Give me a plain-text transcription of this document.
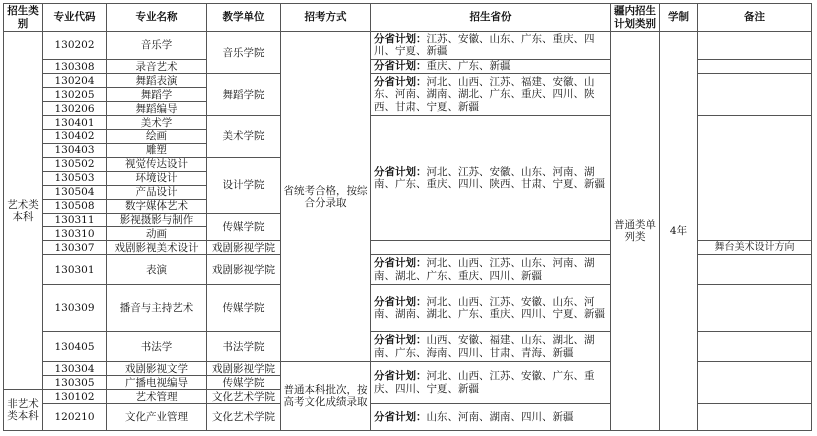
招生类别	专业代码	专业名称	教学单位	招考方式	招生省份	疆内招生计划类别	学制	备注
艺术类本科	130202	音乐学	音乐学院	省统考合格，按综合分录取	分省计划：江苏、安徽、山东、广东、重庆、四川、宁夏、新疆	普通类单列类	4年	
	130308	录音艺术			分省计划：重庆、广东、新疆			
	130204	舞蹈表演	舞蹈学院		分省计划：河北、山西、江苏、福建、安徽、山东、河南、湖南、湖北、广东、重庆、四川、陕西、甘肃、宁夏、新疆			
	130205	舞蹈学						
	130206	舞蹈编导						
	130401	美术学	美术学院		分省计划：河北、江苏、安徽、山东、河南、湖南、广东、重庆、四川、陕西、甘肃、宁夏、新疆			
	130402	绘画						
	130403	雕塑						
	130502	视觉传达设计	设计学院					
	130503	环境设计						
	130504	产品设计						
	130508	数字媒体艺术						
	130311	影视摄影与制作	传媒学院					
	130310	动画						
	130307	戏剧影视美术设计	戏剧影视学院					舞台美术设计方向
	130301	表演	戏剧影视学院		分省计划：河北、山西、江苏、山东、河南、湖南、湖北、广东、重庆、四川、新疆			
	130309	播音与主持艺术	传媒学院		分省计划：河北、山西、江苏、安徽、山东、河南、湖南、湖北、广东、重庆、四川、宁夏、新疆			
	130405	书法学	书法学院		分省计划：山西、安徽、福建、山东、湖北、湖南、广东、海南、四川、甘肃、青海、新疆			
	130304	戏剧影视文学	戏剧影视学院	普通本科批次，按高考文化成绩录取	分省计划：河北、山西、江苏、安徽、广东、重庆、四川、宁夏、新疆			
	130305	广播电视编导	传媒学院					
非艺术类本科	130102	艺术管理	文化艺术学院					
	120210	文化产业管理	文化艺术学院		分省计划：山东、河南、湖南、四川、新疆			
